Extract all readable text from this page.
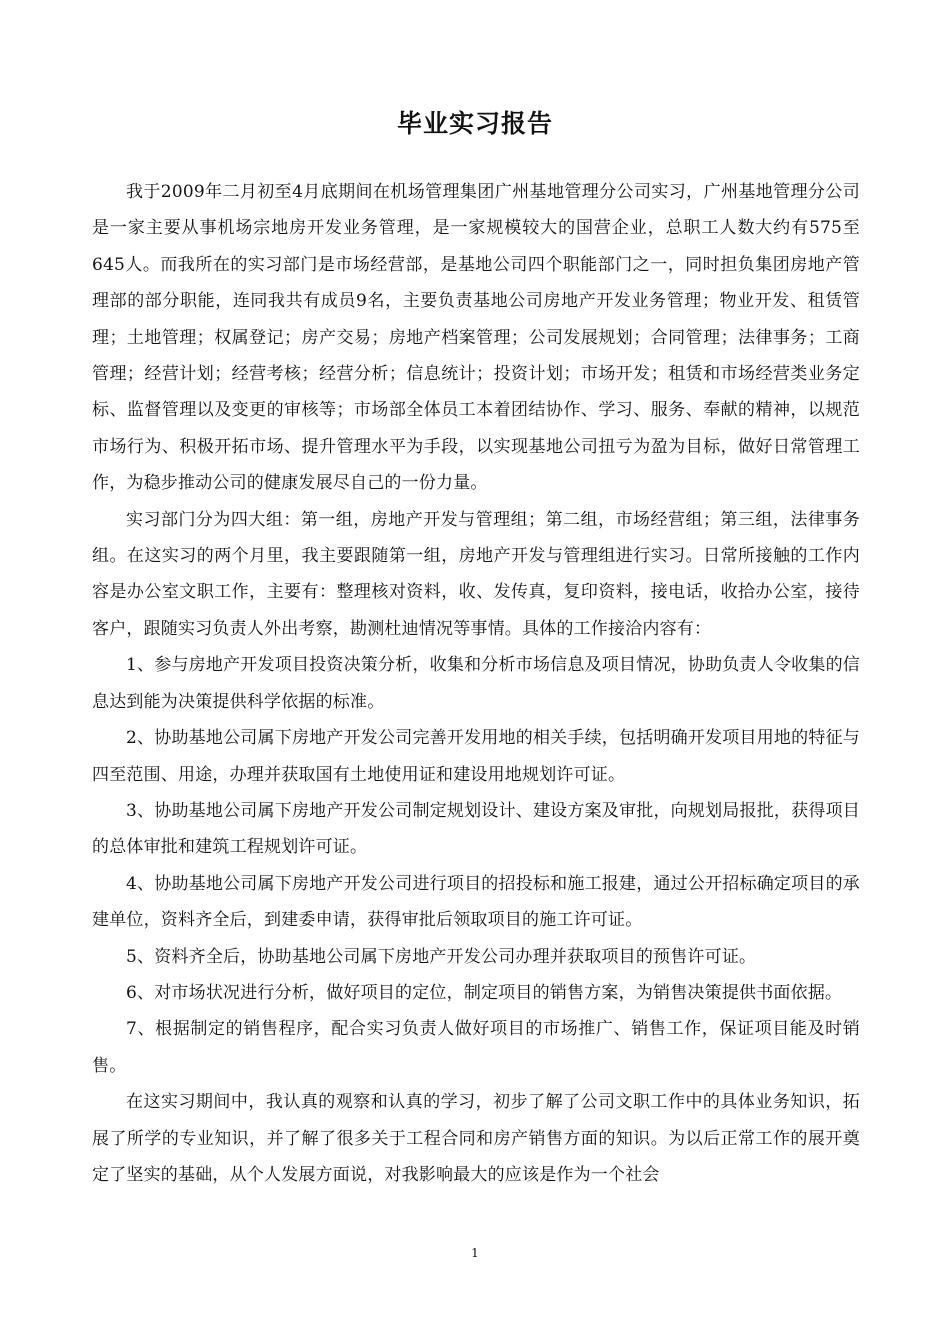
毕业实习报告

我于2009年二月初至4月底期间在机场管理集团广州基地管理分公司实习，广州基地管理分公司是一家主要从事机场宗地房开发业务管理，是一家规模较大的国营企业，总职工人数大约有575至645人。而我所在的实习部门是市场经营部，是基地公司四个职能部门之一，同时担负集团房地产管理部的部分职能，连同我共有成员9名，主要负责基地公司房地产开发业务管理；物业开发、租赁管理；土地管理；权属登记；房产交易；房地产档案管理；公司发展规划；合同管理；法律事务；工商管理；经营计划；经营考核；经营分析；信息统计；投资计划；市场开发；租赁和市场经营类业务定标、监督管理以及变更的审核等；市场部全体员工本着团结协作、学习、服务、奉献的精神，以规范市场行为、积极开拓市场、提升管理水平为手段，以实现基地公司扭亏为盈为目标，做好日常管理工作，为稳步推动公司的健康发展尽自己的一份力量。

实习部门分为四大组：第一组，房地产开发与管理组；第二组，市场经营组；第三组，法律事务组。在这实习的两个月里，我主要跟随第一组，房地产开发与管理组进行实习。日常所接触的工作内容是办公室文职工作，主要有：整理核对资料，收、发传真，复印资料，接电话，收拾办公室，接待客户，跟随实习负责人外出考察，勘测杜迪情况等事情。具体的工作接洽内容有：

1、参与房地产开发项目投资决策分析，收集和分析市场信息及项目情况，协助负责人令收集的信息达到能为决策提供科学依据的标准。

2、协助基地公司属下房地产开发公司完善开发用地的相关手续，包括明确开发项目用地的特征与四至范围、用途，办理并获取国有土地使用证和建设用地规划许可证。

3、协助基地公司属下房地产开发公司制定规划设计、建设方案及审批，向规划局报批，获得项目的总体审批和建筑工程规划许可证。

4、协助基地公司属下房地产开发公司进行项目的招投标和施工报建，通过公开招标确定项目的承建单位，资料齐全后，到建委申请，获得审批后领取项目的施工许可证。

5、资料齐全后，协助基地公司属下房地产开发公司办理并获取项目的预售许可证。

6、对市场状况进行分析，做好项目的定位，制定项目的销售方案，为销售决策提供书面依据。

7、根据制定的销售程序，配合实习负责人做好项目的市场推广、销售工作，保证项目能及时销售。

在这实习期间中，我认真的观察和认真的学习，初步了解了公司文职工作中的具体业务知识，拓展了所学的专业知识，并了解了很多关于工程合同和房产销售方面的知识。为以后正常工作的展开奠定了坚实的基础，从个人发展方面说，对我影响最大的应该是作为一个社会

1
